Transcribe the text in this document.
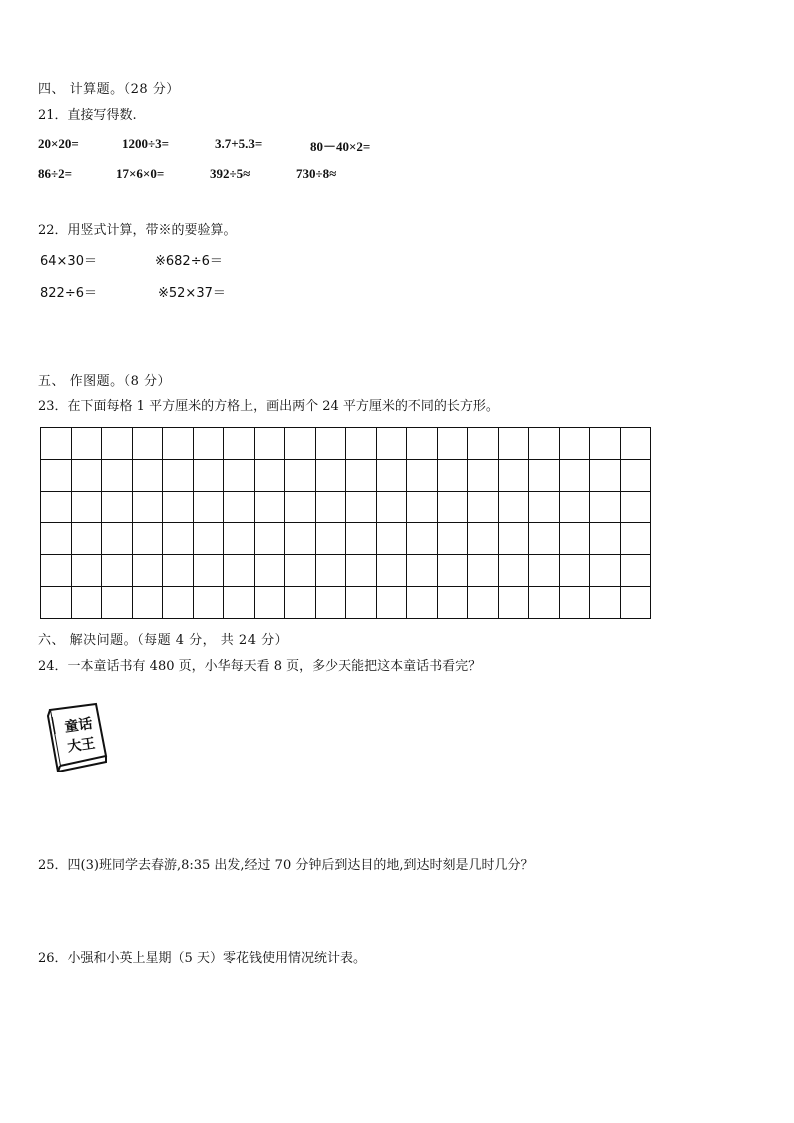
四、 计算题。（28 分）
21．直接写得数.
20×20=	1200÷3=	3.7+5.3=	80－40×2=
86÷2=	17×6×0=	392÷5≈	730÷8≈
22．用竖式计算，带※的要验算。
64×30＝	※682÷6＝
822÷6＝	※52×37＝
五、 作图题。（8 分）
23．在下面每格 1 平方厘米的方格上，画出两个 24 平方厘米的不同的长方形。
六、 解决问题。（每题 4 分， 共 24 分）
24．一本童话书有 480 页，小华每天看 8 页，多少天能把这本童话书看完？
童话
大王
25．四(3)班同学去春游,8:35 出发,经过 70 分钟后到达目的地,到达时刻是几时几分？
26．小强和小英上星期（5 天）零花钱使用情况统计表。
